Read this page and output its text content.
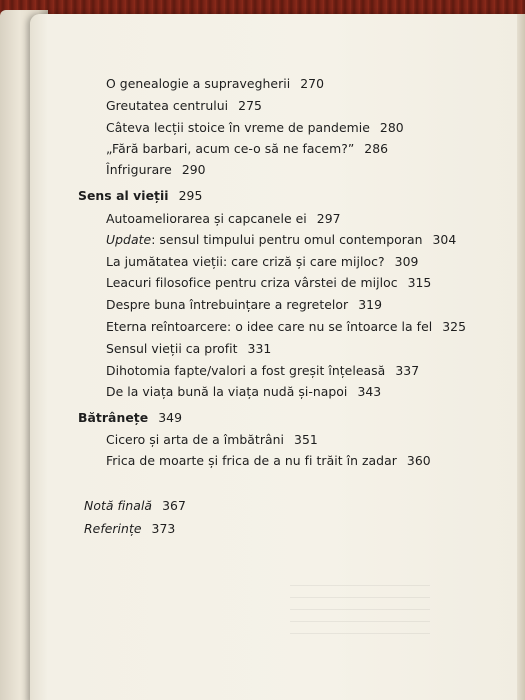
O genealogie a supravegherii 270
Greutatea centrului 275
Câteva lecții stoice în vreme de pandemie 280
„Fără barbari, acum ce-o să ne facem?” 286
Înfrigurare 290
Sens al vieții 295
Autoameliorarea și capcanele ei 297
Update: sensul timpului pentru omul contemporan 304
La jumătatea vieții: care criză și care mijloc? 309
Leacuri filosofice pentru criza vârstei de mijloc 315
Despre buna întrebuințare a regretelor 319
Eterna reîntoarcere: o idee care nu se întoarce la fel 325
Sensul vieții ca profit 331
Dihotomia fapte/valori a fost greșit înțeleasă 337
De la viața bună la viața nudă și-napoi 343
Bătrânețe 349
Cicero și arta de a îmbătrâni 351
Frica de moarte și frica de a nu fi trăit în zadar 360
Notă finală 367
Referințe 373
